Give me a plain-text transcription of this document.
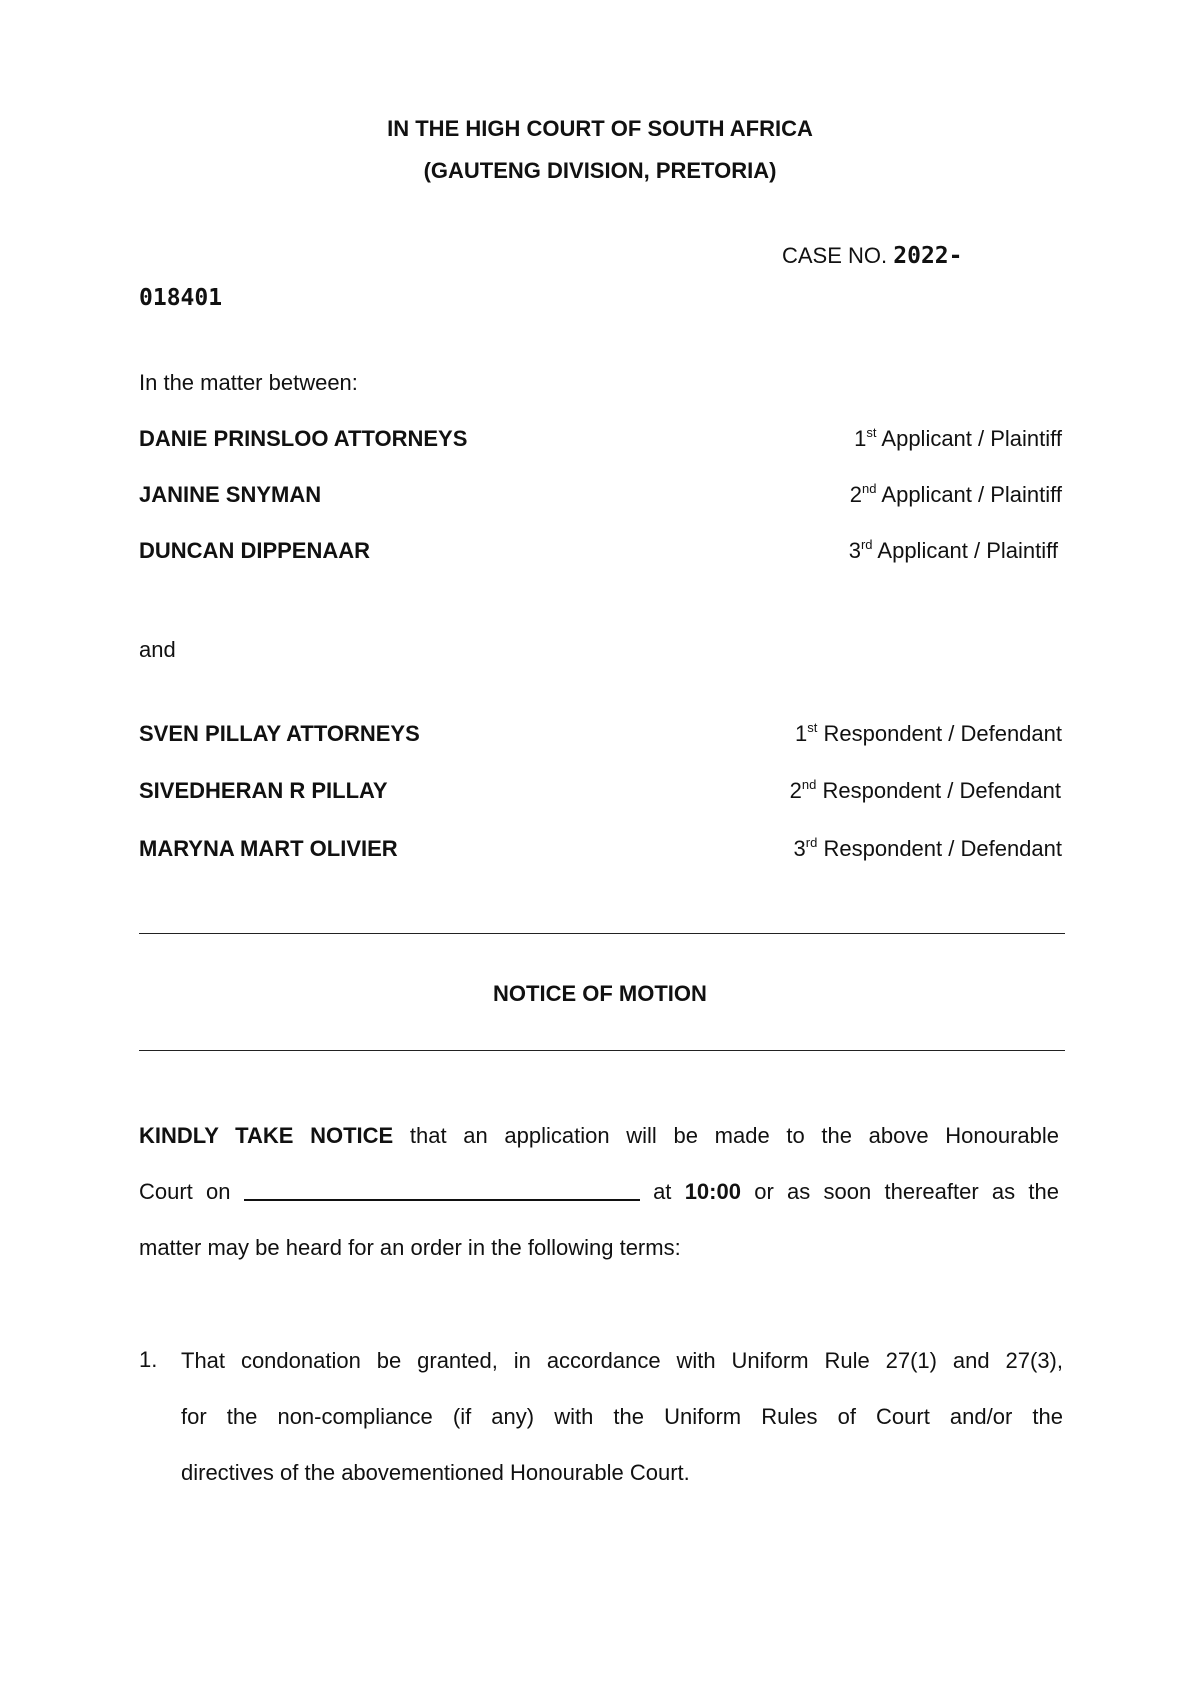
IN THE HIGH COURT OF SOUTH AFRICA
(GAUTENG DIVISION, PRETORIA)
CASE NO. 2022-
018401
In the matter between:
DANIE PRINSLOO ATTORNEYS	1st Applicant / Plaintiff
JANINE SNYMAN	2nd Applicant / Plaintiff
DUNCAN DIPPENAAR	3rd Applicant / Plaintiff
and
SVEN PILLAY ATTORNEYS	1st Respondent / Defendant
SIVEDHERAN R PILLAY	2nd Respondent / Defendant
MARYNA MART OLIVIER	3rd Respondent / Defendant
NOTICE OF MOTION
KINDLY TAKE NOTICE that an application will be made to the above Honourable
Court on	at 10:00 or as soon thereafter as the
matter may be heard for an order in the following terms:
1. That condonation be granted, in accordance with Uniform Rule 27(1) and 27(3),
for the non-compliance (if any) with the Uniform Rules of Court and/or the
directives of the abovementioned Honourable Court.
